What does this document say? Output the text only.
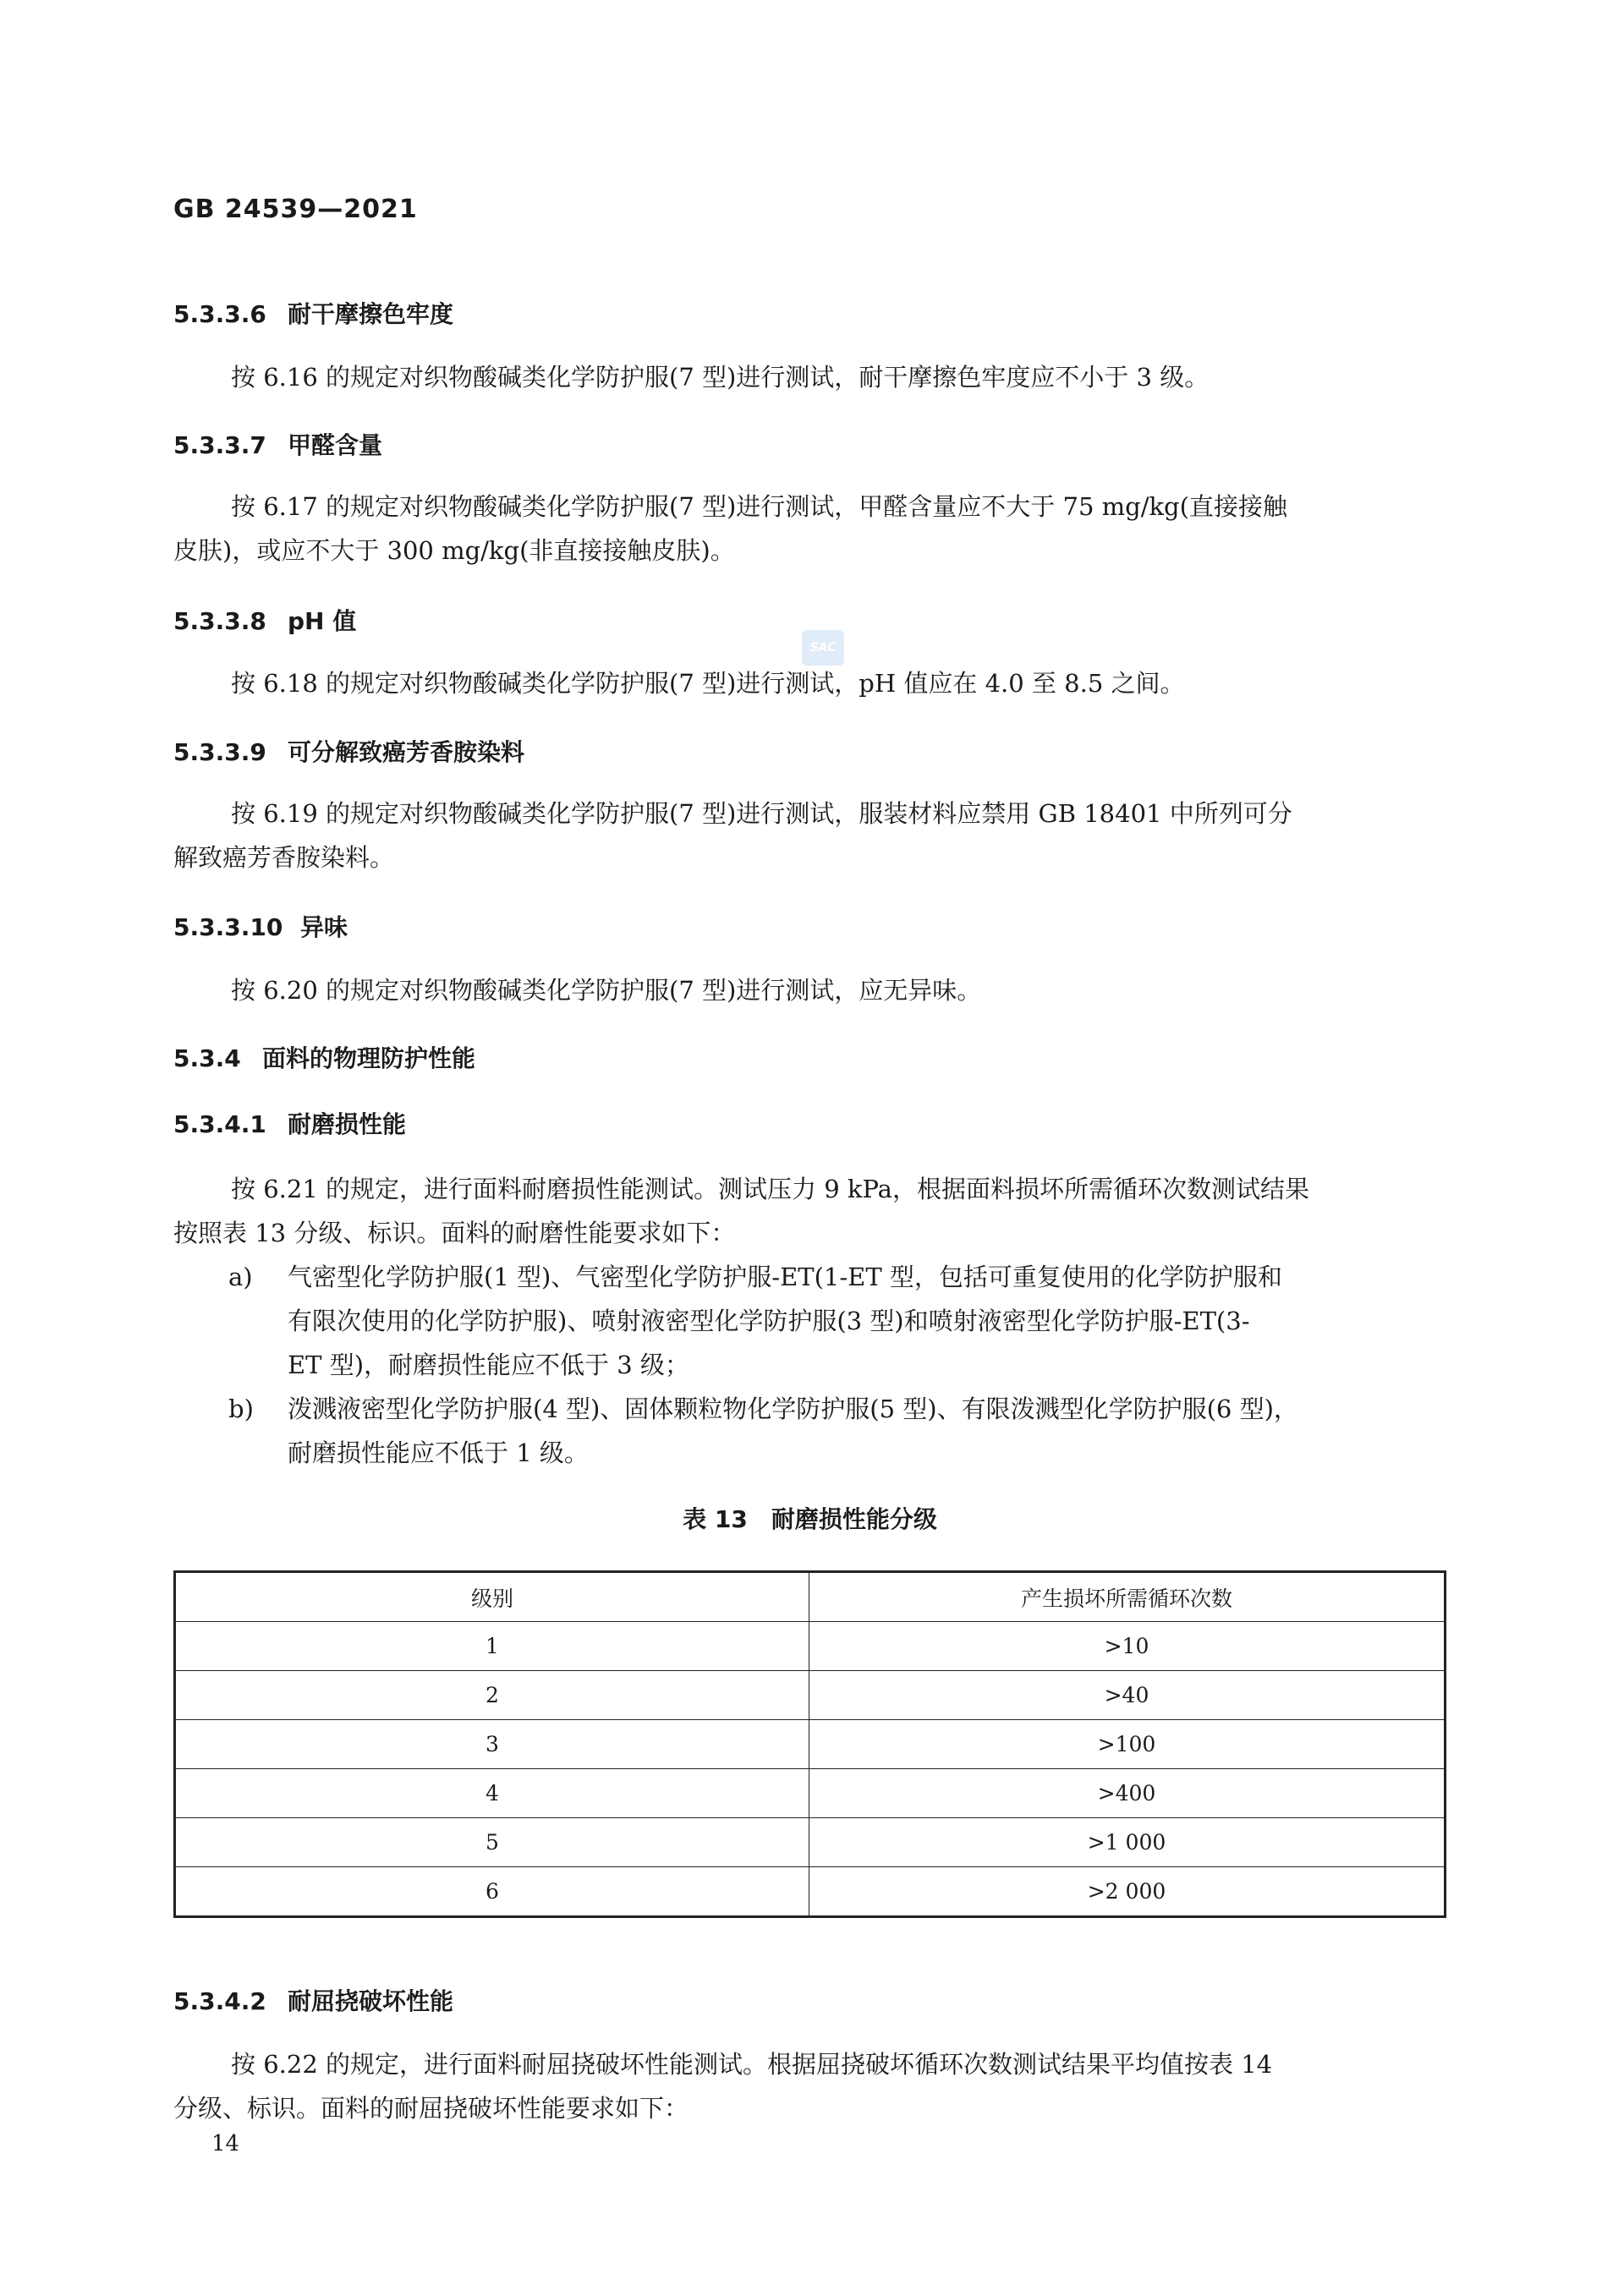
GB 24539—2021
5.3.3.6 耐干摩擦色牢度
按 6.16 的规定对织物酸碱类化学防护服(7 型)进行测试，耐干摩擦色牢度应不小于 3 级。
5.3.3.7 甲醛含量
按 6.17 的规定对织物酸碱类化学防护服(7 型)进行测试，甲醛含量应不大于 75 mg/kg(直接接触
皮肤)，或应不大于 300 mg/kg(非直接接触皮肤)。
5.3.3.8 pH 值
SAC
按 6.18 的规定对织物酸碱类化学防护服(7 型)进行测试，pH 值应在 4.0 至 8.5 之间。
5.3.3.9 可分解致癌芳香胺染料
按 6.19 的规定对织物酸碱类化学防护服(7 型)进行测试，服装材料应禁用 GB 18401 中所列可分
解致癌芳香胺染料。
5.3.3.10 异味
按 6.20 的规定对织物酸碱类化学防护服(7 型)进行测试，应无异味。
5.3.4 面料的物理防护性能
5.3.4.1 耐磨损性能
按 6.21 的规定，进行面料耐磨损性能测试。测试压力 9 kPa，根据面料损坏所需循环次数测试结果
按照表 13 分级、标识。面料的耐磨性能要求如下：
a) 气密型化学防护服(1 型)、气密型化学防护服-ET(1-ET 型，包括可重复使用的化学防护服和
有限次使用的化学防护服)、喷射液密型化学防护服(3 型)和喷射液密型化学防护服-ET(3-
ET 型)，耐磨损性能应不低于 3 级；
b) 泼溅液密型化学防护服(4 型)、固体颗粒物化学防护服(5 型)、有限泼溅型化学防护服(6 型)，
耐磨损性能应不低于 1 级。
表 13　耐磨损性能分级
级别	产生损坏所需循环次数
1	>10
2	>40
3	>100
4	>400
5	>1 000
6	>2 000
5.3.4.2 耐屈挠破坏性能
按 6.22 的规定，进行面料耐屈挠破坏性能测试。根据屈挠破坏循环次数测试结果平均值按表 14
分级、标识。面料的耐屈挠破坏性能要求如下：
14
